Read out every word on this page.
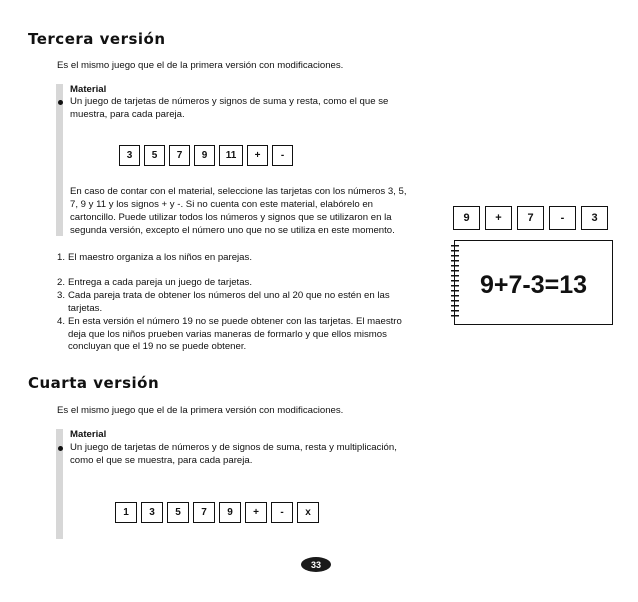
Tercera versión
Es el mismo juego que el de la primera versión con modificaciones.
Material
Un juego de tarjetas de números y signos de suma y resta, como el que se
muestra, para cada pareja.
3	5	7	9	11	+	-
En caso de contar con el material, seleccione las tarjetas con los números 3, 5,
7, 9 y 11 y los signos + y -. Si no cuenta con este material, elabórelo en
cartoncillo. Puede utilizar todos los números y signos que se utilizaron en la
segunda versión, excepto el número uno que no se utiliza en este momento.
1. El maestro organiza a los niños en parejas.
2. Entrega a cada pareja un juego de tarjetas.
3. Cada pareja trata de obtener los números del uno al 20 que no estén en las
tarjetas.
4. En esta versión el número 19 no se puede obtener con las tarjetas. El maestro
deja que los niños prueben varias maneras de formarlo y que ellos mismos
concluyan que el 19 no se puede obtener.
9	+	7	-	3
9+7-3=13
Cuarta versión
Es el mismo juego que el de la primera versión con modificaciones.
Material
Un juego de tarjetas de números y de signos de suma, resta y multiplicación,
como el que se muestra, para cada pareja.
1	3	5	7	9	+	-	x
33
